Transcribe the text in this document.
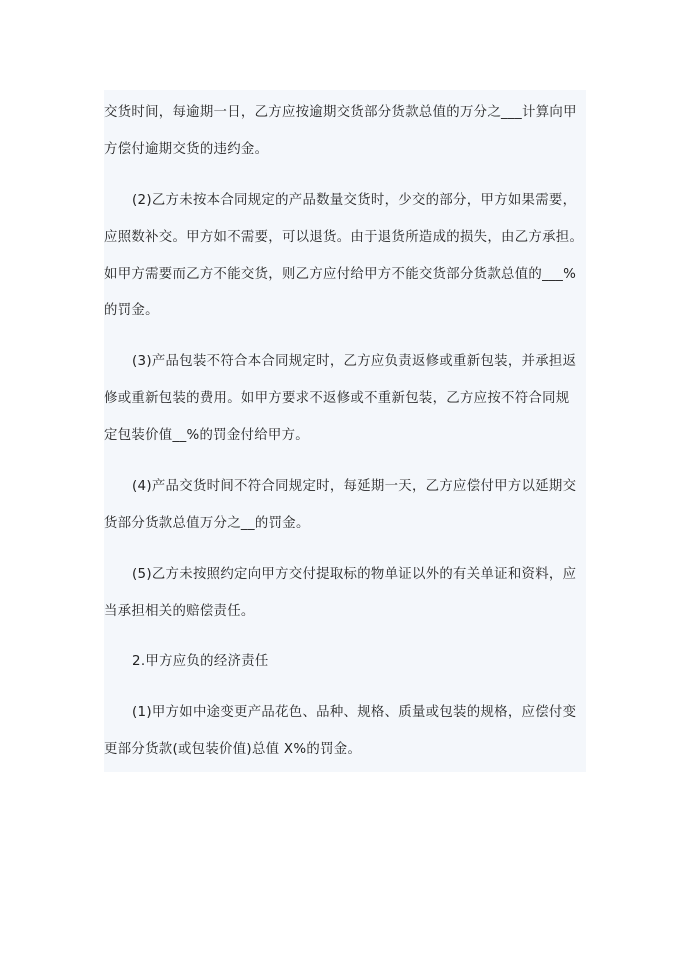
交货时间，每逾期一日，乙方应按逾期交货部分货款总值的万分之___计算向甲
方偿付逾期交货的违约金。
(2)乙方未按本合同规定的产品数量交货时，少交的部分，甲方如果需要，
应照数补交。甲方如不需要，可以退货。由于退货所造成的损失，由乙方承担。
如甲方需要而乙方不能交货，则乙方应付给甲方不能交货部分货款总值的___%
的罚金。
(3)产品包装不符合本合同规定时，乙方应负责返修或重新包装，并承担返
修或重新包装的费用。如甲方要求不返修或不重新包装，乙方应按不符合同规
定包装价值__%的罚金付给甲方。
(4)产品交货时间不符合同规定时，每延期一天，乙方应偿付甲方以延期交
货部分货款总值万分之__的罚金。
(5)乙方未按照约定向甲方交付提取标的物单证以外的有关单证和资料，应
当承担相关的赔偿责任。
2.甲方应负的经济责任
(1)甲方如中途变更产品花色、品种、规格、质量或包装的规格，应偿付变
更部分货款(或包装价值)总值 X%的罚金。
